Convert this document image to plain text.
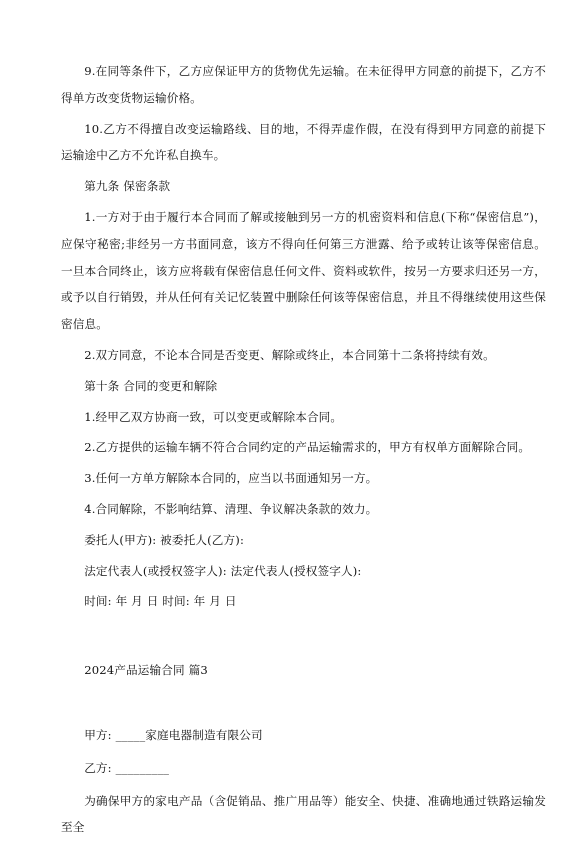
9.在同等条件下，乙方应保证甲方的货物优先运输。在未征得甲方同意的前提下，乙方不得单方改变货物运输价格。

10.乙方不得擅自改变运输路线、目的地，不得弄虚作假，在没有得到甲方同意的前提下运输途中乙方不允许私自换车。

第九条 保密条款

1.一方对于由于履行本合同而了解或接触到另一方的机密资料和信息(下称“保密信息”)，应保守秘密;非经另一方书面同意，该方不得向任何第三方泄露、给予或转让该等保密信息。一旦本合同终止，该方应将载有保密信息任何文件、资料或软件，按另一方要求归还另一方，或予以自行销毁，并从任何有关记忆装置中删除任何该等保密信息，并且不得继续使用这些保密信息。

2.双方同意，不论本合同是否变更、解除或终止，本合同第十二条将持续有效。

第十条 合同的变更和解除

1.经甲乙双方协商一致，可以变更或解除本合同。

2.乙方提供的运输车辆不符合合同约定的产品运输需求的，甲方有权单方面解除合同。

3.任何一方单方解除本合同的，应当以书面通知另一方。

4.合同解除，不影响结算、清理、争议解决条款的效力。

委托人(甲方): 被委托人(乙方):

法定代表人(或授权签字人): 法定代表人(授权签字人):

时间: 年 月 日 时间: 年 月 日

2024产品运输合同 篇3

甲方: _____家庭电器制造有限公司

乙方: _________

为确保甲方的家电产品（含促销品、推广用品等）能安全、快捷、准确地通过铁路运输发至全
